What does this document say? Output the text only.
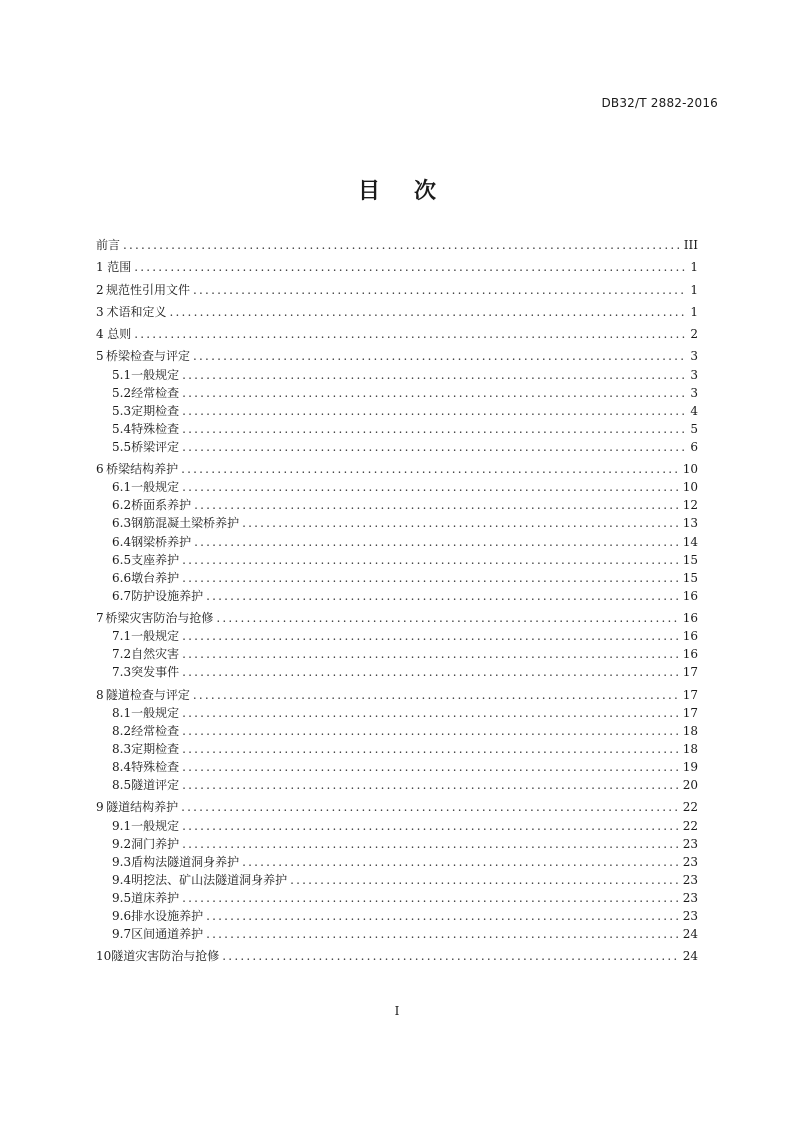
DB32/T 2882-2016
目 次
前言 .....	III
1 范围 .....	1
2 规范性引用文件 .....	1
3 术语和定义 .....	1
4 总则 .....	2
5 桥梁检查与评定 .....	3
5.1 一般规定 .....	3
5.2 经常检查 .....	3
5.3 定期检查 .....	4
5.4 特殊检查 .....	5
5.5 桥梁评定 .....	6
6 桥梁结构养护 .....	10
6.1 一般规定 .....	10
6.2 桥面系养护 .....	12
6.3 钢筋混凝土梁桥养护 .....	13
6.4 钢梁桥养护 .....	14
6.5 支座养护 .....	15
6.6 墩台养护 .....	15
6.7 防护设施养护 .....	16
7 桥梁灾害防治与抢修 .....	16
7.1 一般规定 .....	16
7.2 自然灾害 .....	16
7.3 突发事件 .....	17
8 隧道检查与评定 .....	17
8.1 一般规定 .....	17
8.2 经常检查 .....	18
8.3 定期检查 .....	18
8.4 特殊检查 .....	19
8.5 隧道评定 .....	20
9 隧道结构养护 .....	22
9.1 一般规定 .....	22
9.2 洞门养护 .....	23
9.3 盾构法隧道洞身养护 .....	23
9.4 明挖法、矿山法隧道洞身养护 .....	23
9.5 道床养护 .....	23
9.6 排水设施养护 .....	23
9.7 区间通道养护 .....	24
10 隧道灾害防治与抢修 .....	24
I
